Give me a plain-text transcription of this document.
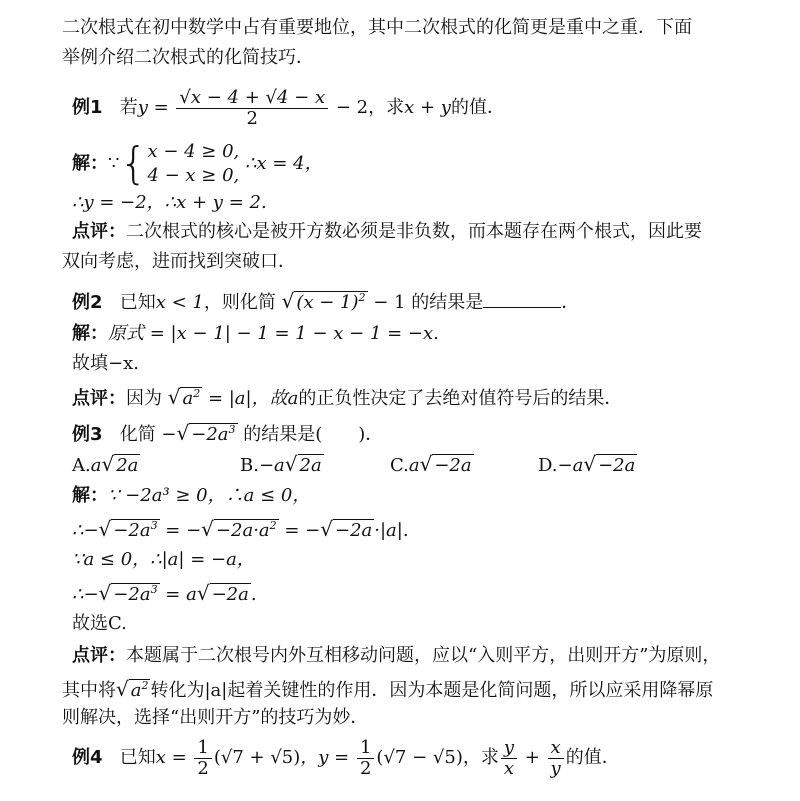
二次根式在初中数学中占有重要地位，其中二次根式的化简更是重中之重．下面
举例介绍二次根式的化简技巧．
例1 若$y = \frac{√x - 4 + √4 - x}{2} - 2$，求x + y的值．
解：∵{ x − 4 ≥ 0,
4 − x ≥ 0,
∴x = 4，
∴y = −2，∴x + y = 2.
点评：二次根式的核心是被开方数必须是非负数，而本题存在两个根式，因此要
双向考虑，进而找到突破口．
例2 已知x < 1，则化简 √ $(x - 1)^2 - 1$ 的结果是	．
解：原式 = |x − 1| − 1 = 1 − x − 1 = −x.
故填−x.
点评：因为 √ $a^2 = |a|$，故a的正负性决定了去绝对值符号后的结果．
例3 化简 −√ $-2a^3$ 的结果是(　　)．
A.a√ 2a	B.−a√ 2a	C.a√ −2a	D.−a√ −2a
解：∵ −2a³ ≥ 0，∴a ≤ 0，
∴−√ $-2a^3$ = −√ $-2a\cdot a^2$ = −√ −2a ·|a|.
∵a ≤ 0，∴|a| = −a，
∴−√ $-2a^3 = a√ -2a$ .
故选C.
点评：本题属于二次根号内外互相移动问题，应以“入则平方，出则开方”为原则，
其中将√ $a^2$ 转化为|a|起着关键性的作用．因为本题是化简问题，所以应采用降幂原
则解决，选择“出则开方”的技巧为妙．
例4 已知$x = \frac{1}{2} (√7 + √5)$，$y = \frac{1}{2} (√7 - √5)$，求 $\frac{y}{x} + \frac{x}{y}$ 的值．
